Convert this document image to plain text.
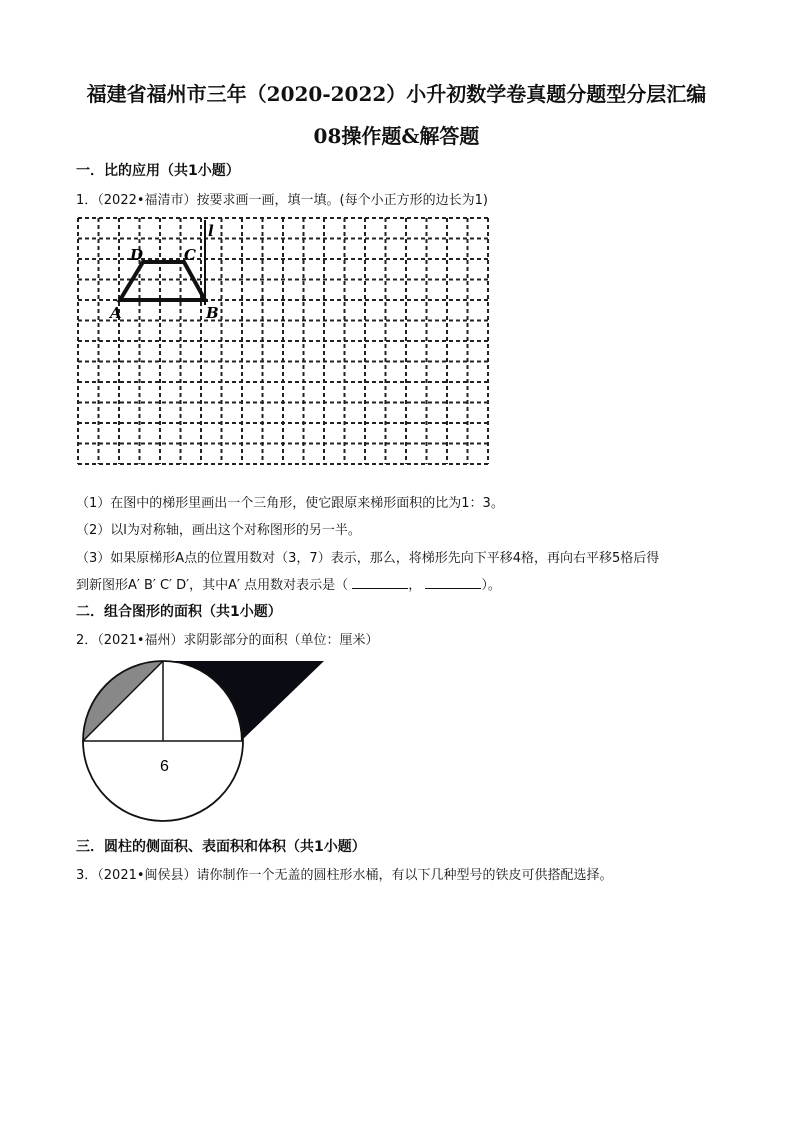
福建省福州市三年（2020-2022）小升初数学卷真题分题型分层汇编
08操作题&解答题
一．比的应用（共1小题）
1．（2022•福清市）按要求画一画，填一填。(每个小正方形的边长为1)
D	C
l
A	B
（1）在图中的梯形里画出一个三角形，使它跟原来梯形面积的比为1：3。
（2）以l为对称轴，画出这个对称图形的另一半。
（3）如果原梯形A点的位置用数对（3，7）表示，那么，将梯形先向下平移4格，再向右平移5格后得
到新图形A′ B′ C′ D′，其中A′ 点用数对表示是（	，	）。
二．组合图形的面积（共1小题）
2．（2021•福州）求阴影部分的面积（单位：厘米）
6
三．圆柱的侧面积、表面积和体积（共1小题）
3．（2021•闽侯县）请你制作一个无盖的圆柱形水桶，有以下几种型号的铁皮可供搭配选择。
